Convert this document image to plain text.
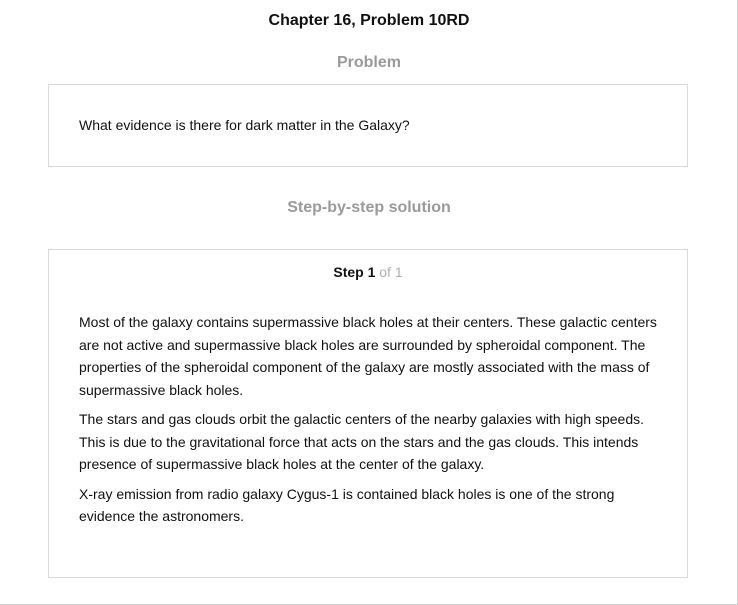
Chapter 16, Problem 10RD
Problem
What evidence is there for dark matter in the Galaxy?
Step-by-step solution
Step 1 of 1

Most of the galaxy contains supermassive black holes at their centers. These galactic centers are not active and supermassive black holes are surrounded by spheroidal component. The properties of the spheroidal component of the galaxy are mostly associated with the mass of supermassive black holes.

The stars and gas clouds orbit the galactic centers of the nearby galaxies with high speeds. This is due to the gravitational force that acts on the stars and the gas clouds. This intends presence of supermassive black holes at the center of the galaxy.

X-ray emission from radio galaxy Cygus-1 is contained black holes is one of the strong evidence the astronomers.
